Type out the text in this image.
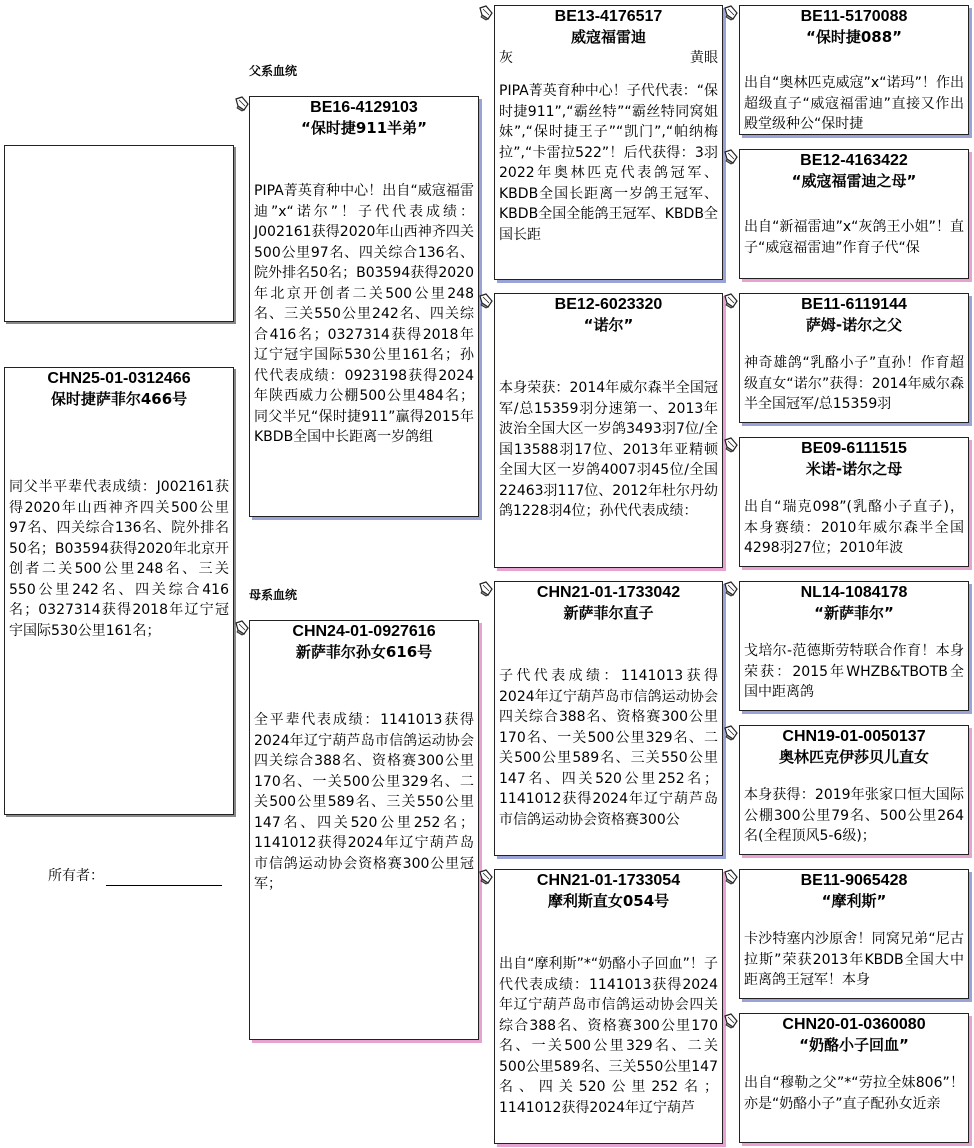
父系血统
母系血统
CHN25-01-0312466
保时捷萨菲尔466号
同父半平辈代表成绩：J002161获得2020年山西神齐四关500公里97名、四关综合136名、院外排名50名；B03594获得2020年北京开创者二关500公里248名、三关550公里242名、四关综合416名；0327314获得2018年辽宁冠宇国际530公里161名；
所有者：
BE16-4129103
“保时捷911半弟”
PIPA菁英育种中心！出自“威寇福雷迪”x“诺尔”！子代代表成绩：J002161获得2020年山西神齐四关500公里97名、四关综合136名、院外排名50名；B03594获得2020年北京开创者二关500公里248名、三关550公里242名、四关综合416名；0327314获得2018年辽宁冠宇国际530公里161名；孙代代表成绩：0923198获得2024年陕西威力公棚500公里484名；同父半兄“保时捷911”赢得2015年KBDB全国中长距离一岁鸽组
CHN24-01-0927616
新萨菲尔孙女616号
全平辈代表成绩：1141013获得2024年辽宁葫芦岛市信鸽运动协会四关综合388名、资格赛300公里170名、一关500公里329名、二关500公里589名、三关550公里147名、四关520公里252名；1141012获得2024年辽宁葫芦岛市信鸽运动协会资格赛300公里冠军；
BE13-4176517
威寇福雷迪
灰	黄眼
PIPA菁英育种中心！子代代表：“保时捷911”,“霸丝特”“霸丝特同窝姐妹”,“保时捷王子”“凯门”,“帕纳梅拉”,“卡雷拉522”！后代获得：3羽2022年奥林匹克代表鸽冠军、KBDB全国长距离一岁鸽王冠军、KBDB全国全能鸽王冠军、KBDB全国长距
BE12-6023320
“诺尔”
本身荣获：2014年威尔森半全国冠军/总15359羽分速第一、2013年波治全国大区一岁鸽3493羽7位/全国13588羽17位、2013年亚精顿全国大区一岁鸽4007羽45位/全国22463羽117位、2012年杜尔丹幼鸽1228羽4位；孙代代表成绩：
CHN21-01-1733042
新萨菲尔直子
子代代表成绩：1141013获得2024年辽宁葫芦岛市信鸽运动协会四关综合388名、资格赛300公里170名、一关500公里329名、二关500公里589名、三关550公里147名、四关520公里252名；1141012获得2024年辽宁葫芦岛市信鸽运动协会资格赛300公
CHN21-01-1733054
摩利斯直女054号
出自“摩利斯”*“奶酪小子回血”！子代代表成绩：1141013获得2024年辽宁葫芦岛市信鸽运动协会四关综合388名、资格赛300公里170名、一关500公里329名、二关500公里589名、三关550公里147名、四关520公里252名；1141012获得2024年辽宁葫芦
BE11-5170088
“保时捷088”
出自“奥林匹克威寇”x“诺玛”！作出超级直子“威寇福雷迪”直接又作出殿堂级种公“保时捷
BE12-4163422
“威寇福雷迪之母”
出自“新福雷迪”x“灰鸽王小姐”！直子“威寇福雷迪”作育子代“保
BE11-6119144
萨姆-诺尔之父
神奇雄鸽“乳酪小子”直孙！作育超级直女“诺尔”获得：2014年威尔森半全国冠军/总15359羽
BE09-6111515
米诺-诺尔之母
出自“瑞克098”(乳酪小子直子)，本身赛绩：2010年威尔森半全国4298羽27位；2010年波
NL14-1084178
“新萨菲尔”
戈培尔-范德斯劳特联合作育！本身荣获：2015年WHZB&TBOTB全国中距离鸽
CHN19-01-0050137
奥林匹克伊莎贝儿直女
本身获得：2019年张家口恒大国际公棚300公里79名、500公里264名(全程顶风5-6级)；
BE11-9065428
“摩利斯”
卡沙特塞内沙原舍！同窝兄弟“尼古拉斯”荣获2013年KBDB全国大中距离鸽王冠军！本身
CHN20-01-0360080
“奶酪小子回血”
出自“穆勒之父”*“劳拉全妹806”！亦是“奶酪小子”直子配孙女近亲
